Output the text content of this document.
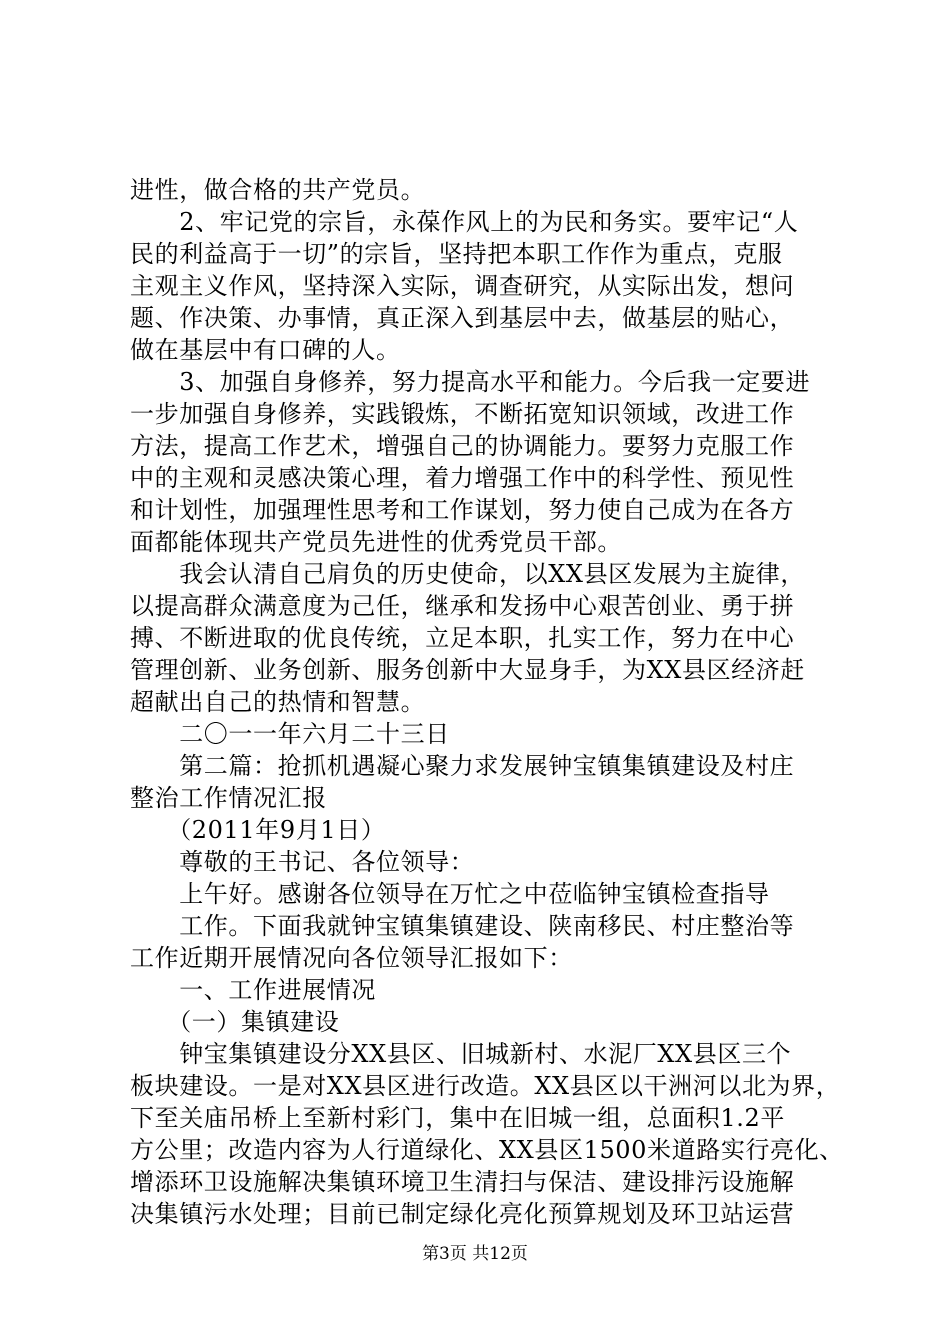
进性，做合格的共产党员。
　　2、牢记党的宗旨，永葆作风上的为民和务实。要牢记“人
民的利益高于一切”的宗旨，坚持把本职工作作为重点，克服
主观主义作风，坚持深入实际，调查研究，从实际出发，想问
题、作决策、办事情，真正深入到基层中去，做基层的贴心，
做在基层中有口碑的人。
　　3、加强自身修养，努力提高水平和能力。今后我一定要进
一步加强自身修养，实践锻炼，不断拓宽知识领域，改进工作
方法，提高工作艺术，增强自己的协调能力。要努力克服工作
中的主观和灵感决策心理，着力增强工作中的科学性、预见性
和计划性，加强理性思考和工作谋划，努力使自己成为在各方
面都能体现共产党员先进性的优秀党员干部。
　　我会认清自己肩负的历史使命，以XX县区发展为主旋律，
以提高群众满意度为己任，继承和发扬中心艰苦创业、勇于拼
搏、不断进取的优良传统，立足本职，扎实工作，努力在中心
管理创新、业务创新、服务创新中大显身手，为XX县区经济赶
超献出自己的热情和智慧。
　　二〇一一年六月二十三日
　　第二篇：抢抓机遇凝心聚力求发展钟宝镇集镇建设及村庄
整治工作情况汇报
　　（2011年9月1日）
　　尊敬的王书记、各位领导：
　　上午好。感谢各位领导在万忙之中莅临钟宝镇检查指导
　　工作。下面我就钟宝镇集镇建设、陕南移民、村庄整治等
工作近期开展情况向各位领导汇报如下：
　　一、工作进展情况
　　（一）集镇建设
　　钟宝集镇建设分XX县区、旧城新村、水泥厂XX县区三个
板块建设。一是对XX县区进行改造。XX县区以干洲河以北为界，
下至关庙吊桥上至新村彩门，集中在旧城一组，总面积1.2平
方公里；改造内容为人行道绿化、XX县区1500米道路实行亮化、
增添环卫设施解决集镇环境卫生清扫与保洁、建设排污设施解
决集镇污水处理；目前已制定绿化亮化预算规划及环卫站运营
第3页 共12页
